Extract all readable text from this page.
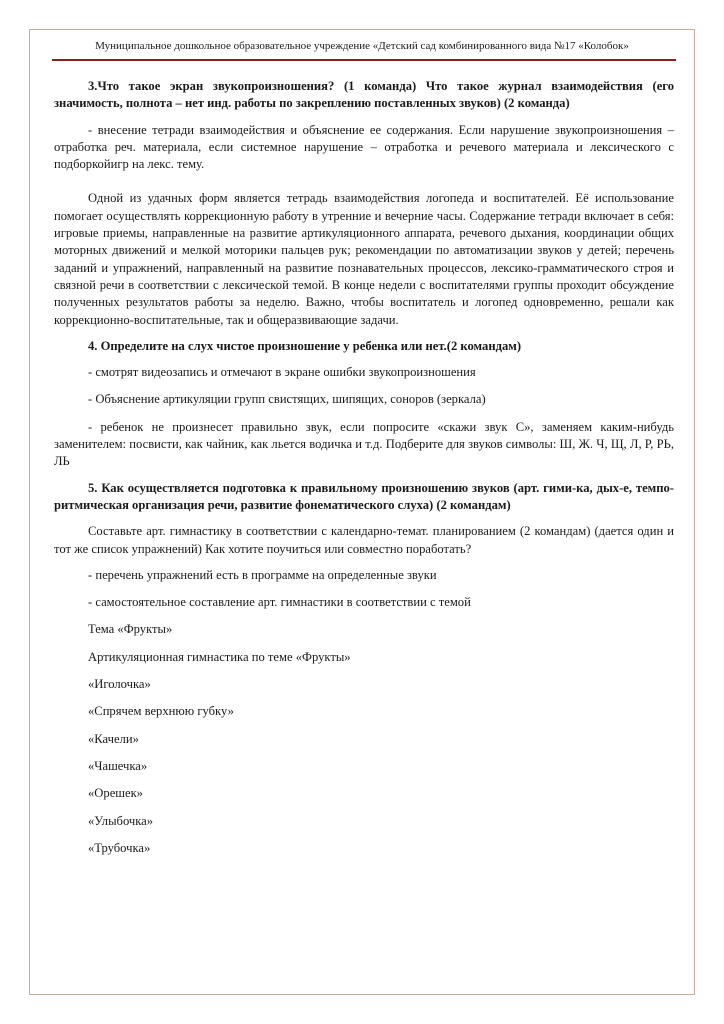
Муниципальное дошкольное образовательное учреждение «Детский сад комбинированного вида №17 «Колобок»

3.Что такое экран звукопроизношения? (1 команда) Что такое журнал взаимодействия (его значимость, полнота – нет инд. работы по закреплению поставленных звуков) (2 команда)

- внесение тетради взаимодействия и объяснение ее содержания. Если нарушение звукопроизношения – отработка реч. материала, если системное нарушение – отработка и речевого материала и лексического с подборкойигр на лекс. тему.

Одной из удачных форм является тетрадь взаимодействия логопеда и воспитателей. Её использование помогает осуществлять коррекционную работу в утренние и вечерние часы. Содержание тетради включает в себя: игровые приемы, направленные на развитие артикуляционного аппарата, речевого дыхания, координации общих моторных движений и мелкой моторики пальцев рук; рекомендации по автоматизации звуков у детей; перечень заданий и упражнений, направленный на развитие познавательных процессов, лексико-грамматического строя и связной речи в соответствии с лексической темой. В конце недели с воспитателями группы проходит обсуждение полученных результатов работы за неделю. Важно, чтобы воспитатель и логопед одновременно, решали как коррекционно-воспитательные, так и общеразвивающие задачи.

4. Определите на слух чистое произношение у ребенка или нет.(2 командам)

- смотрят видеозапись и отмечают в экране ошибки звукопроизношения

- Объяснение артикуляции групп свистящих, шипящих, соноров (зеркала)

- ребенок не произнесет правильно звук, если попросите «скажи звук С», заменяем каким-нибудь заменителем: посвисти, как чайник, как льется водичка и т.д. Подберите для звуков символы: Ш, Ж. Ч, Щ, Л, Р, РЬ, ЛЬ

5. Как осуществляется подготовка к правильному произношению звуков (арт. гими-ка, дых-е, темпо-ритмическая организация речи, развитие фонематического слуха) (2 командам)

Составьте арт. гимнастику в соответствии с календарно-темат. планированием (2 командам) (дается один и тот же список упражнений) Как хотите поучиться или совместно поработать?

- перечень упражнений есть в программе на определенные звуки

- самостоятельное составление арт. гимнастики в соответствии с темой

Тема «Фрукты»

Артикуляционная гимнастика по теме «Фрукты»

«Иголочка»

«Спрячем верхнюю губку»

«Качели»

«Чашечка»

«Орешек»

«Улыбочка»

«Трубочка»
